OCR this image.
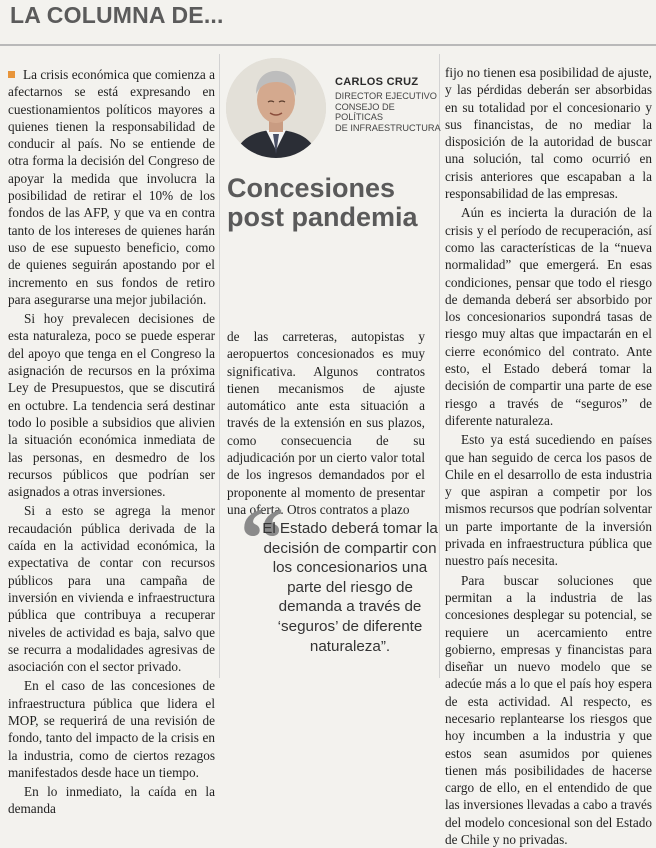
LA COLUMNA DE...

La crisis económica que comienza a afectarnos se está expresando en cuestionamientos políticos mayores a quienes tienen la responsabilidad de conducir al país. No se entiende de otra forma la decisión del Congreso de apoyar la medida que involucra la posibilidad de retirar el 10% de los fondos de las AFP, y que va en contra tanto de los intereses de quienes harán uso de ese supuesto beneficio, como de quienes seguirán apostando por el incremento en sus fondos de retiro para asegurarse una mejor jubilación.

Si hoy prevalecen decisiones de esta naturaleza, poco se puede esperar del apoyo que tenga en el Congreso la asignación de recursos en la próxima Ley de Presupuestos, que se discutirá en octubre. La tendencia será destinar todo lo posible a subsidios que alivien la situación económica inmediata de las personas, en desmedro de los recursos públicos que podrían ser asignados a otras inversiones.

Si a esto se agrega la menor recaudación pública derivada de la caída en la actividad económica, la expectativa de contar con recursos públicos para una campaña de inversión en vivienda e infraestructura pública que contribuya a recuperar niveles de actividad es baja, salvo que se recurra a modalidades agresivas de asociación con el sector privado.

En el caso de las concesiones de infraestructura pública que lidera el MOP, se requerirá de una revisión de fondo, tanto del impacto de la crisis en la industria, como de ciertos rezagos manifestados desde hace un tiempo.

En lo inmediato, la caída en la demanda

CARLOS CRUZ
DIRECTOR EJECUTIVO
CONSEJO DE POLÍTICAS
DE INFRAESTRUCTURA
Concesiones
post pandemia

de las carreteras, autopistas y aeropuertos concesionados es muy significativa. Algunos contratos tienen mecanismos de ajuste automático ante esta situación a través de la extensión en sus plazos, como consecuencia de su adjudicación por un cierto valor total de los ingresos demandados por el proponente al momento de presentar una oferta. Otros contratos a plazo

“
El Estado deberá tomar la decisión de compartir con los concesionarios una parte del riesgo de demanda a través de ‘seguros’ de diferente naturaleza”.

fijo no tienen esa posibilidad de ajuste, y las pérdidas deberán ser absorbidas en su totalidad por el concesionario y sus financistas, de no mediar la disposición de la autoridad de buscar una solución, tal como ocurrió en crisis anteriores que escapaban a la responsabilidad de las empresas.

Aún es incierta la duración de la crisis y el período de recuperación, así como las características de la “nueva normalidad” que emergerá. En esas condiciones, pensar que todo el riesgo de demanda deberá ser absorbido por los concesionarios supondrá tasas de riesgo muy altas que impactarán en el cierre económico del contrato. Ante esto, el Estado deberá tomar la decisión de compartir una parte de ese riesgo a través de “seguros” de diferente naturaleza.

Esto ya está sucediendo en países que han seguido de cerca los pasos de Chile en el desarrollo de esta industria y que aspiran a competir por los mismos recursos que podrían solventar un parte importante de la inversión privada en infraestructura pública que nuestro país necesita.

Para buscar soluciones que permitan a la industria de las concesiones desplegar su potencial, se requiere un acercamiento entre gobierno, empresas y financistas para diseñar un nuevo modelo que se adecúe más a lo que el país hoy espera de esta actividad. Al respecto, es necesario replantearse los riesgos que hoy incumben a la industria y que estos sean asumidos por quienes tienen más posibilidades de hacerse cargo de ello, en el entendido de que las inversiones llevadas a cabo a través del modelo concesional son del Estado de Chile y no privadas.
